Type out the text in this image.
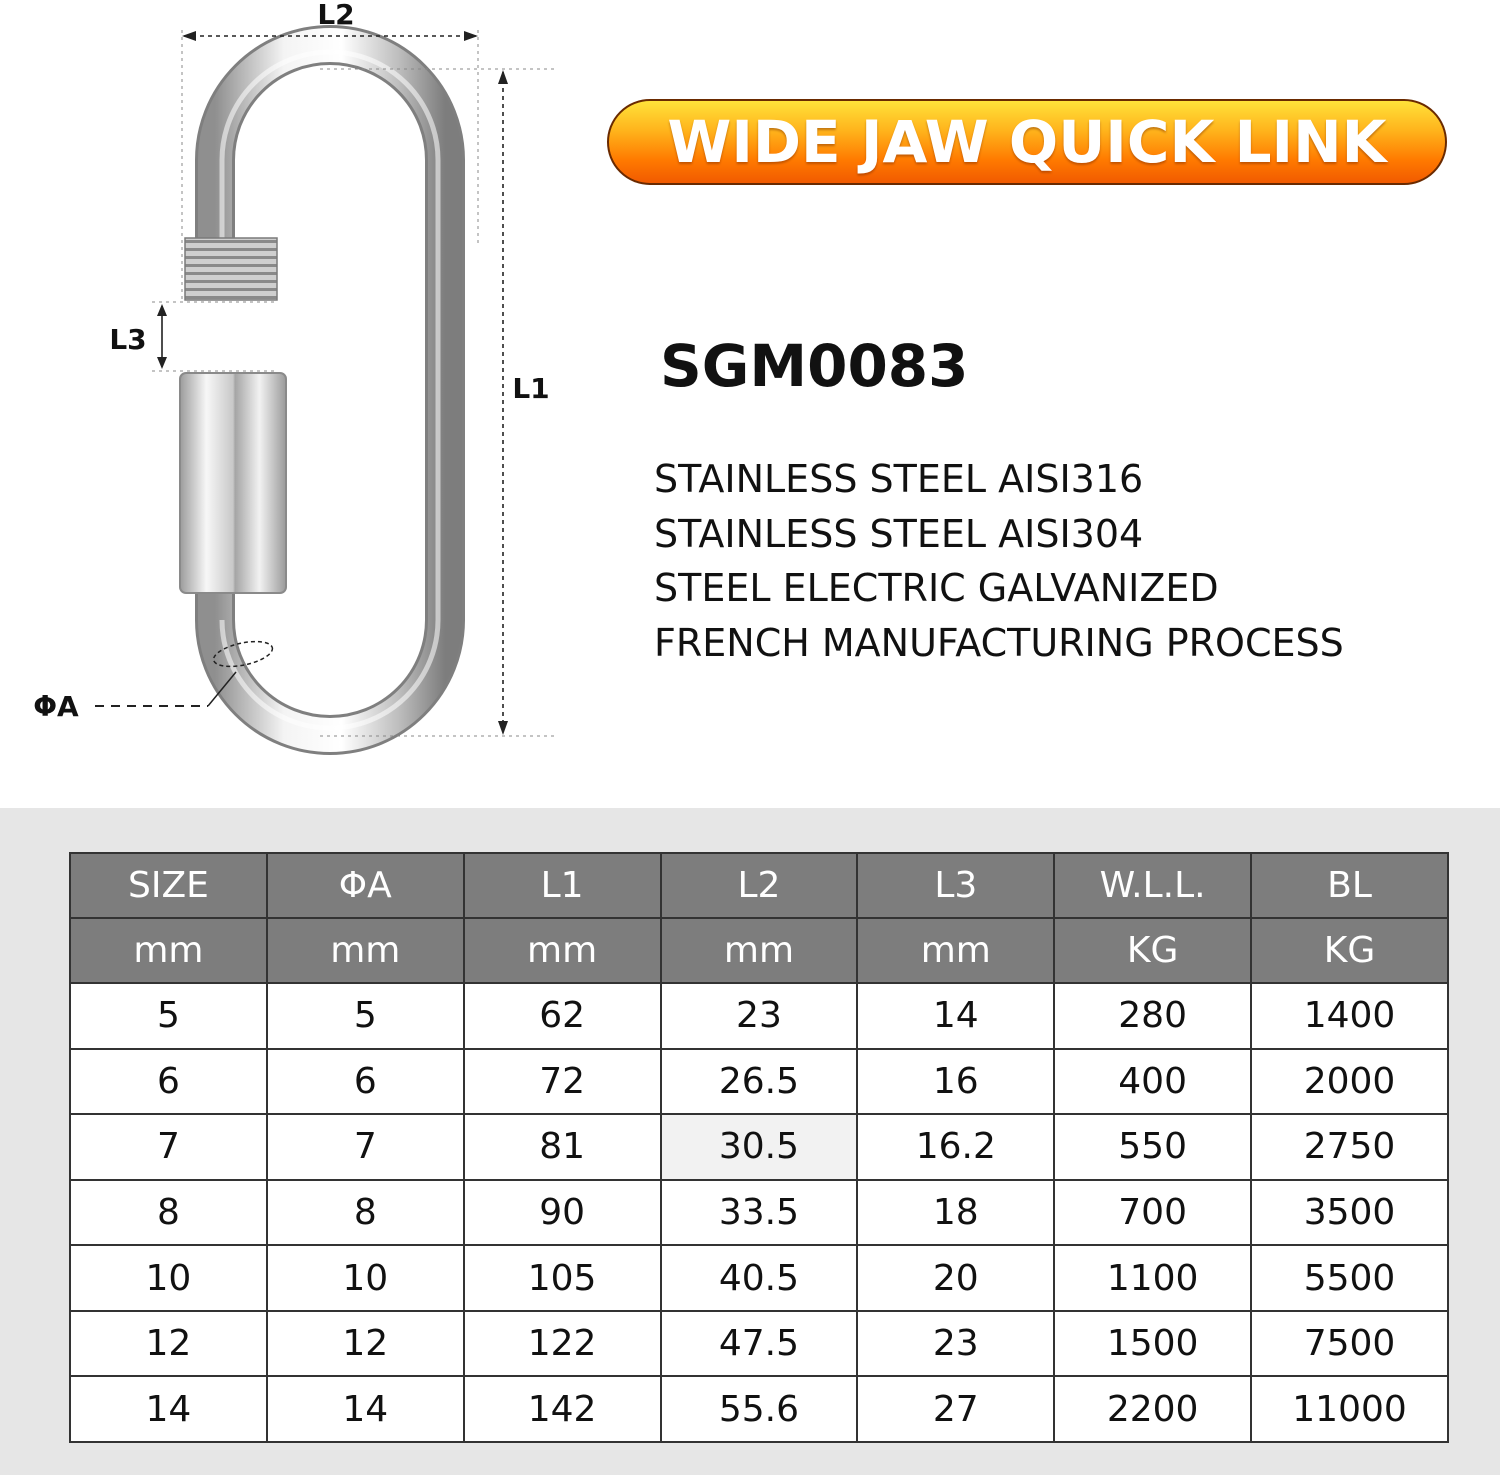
L2
L1
L3
ΦA
WIDE JAW QUICK LINK
SGM0083
STAINLESS STEEL AISI316
STAINLESS STEEL AISI304
STEEL ELECTRIC GALVANIZED
FRENCH MANUFACTURING PROCESS
SIZE	ΦA	L1	L2	L3	W.L.L.	BL
mm	mm	mm	mm	mm	KG	KG
5	5	62	23	14	280	1400
6	6	72	26.5	16	400	2000
7	7	81	30.5	16.2	550	2750
8	8	90	33.5	18	700	3500
10	10	105	40.5	20	1100	5500
12	12	122	47.5	23	1500	7500
14	14	142	55.6	27	2200	11000
